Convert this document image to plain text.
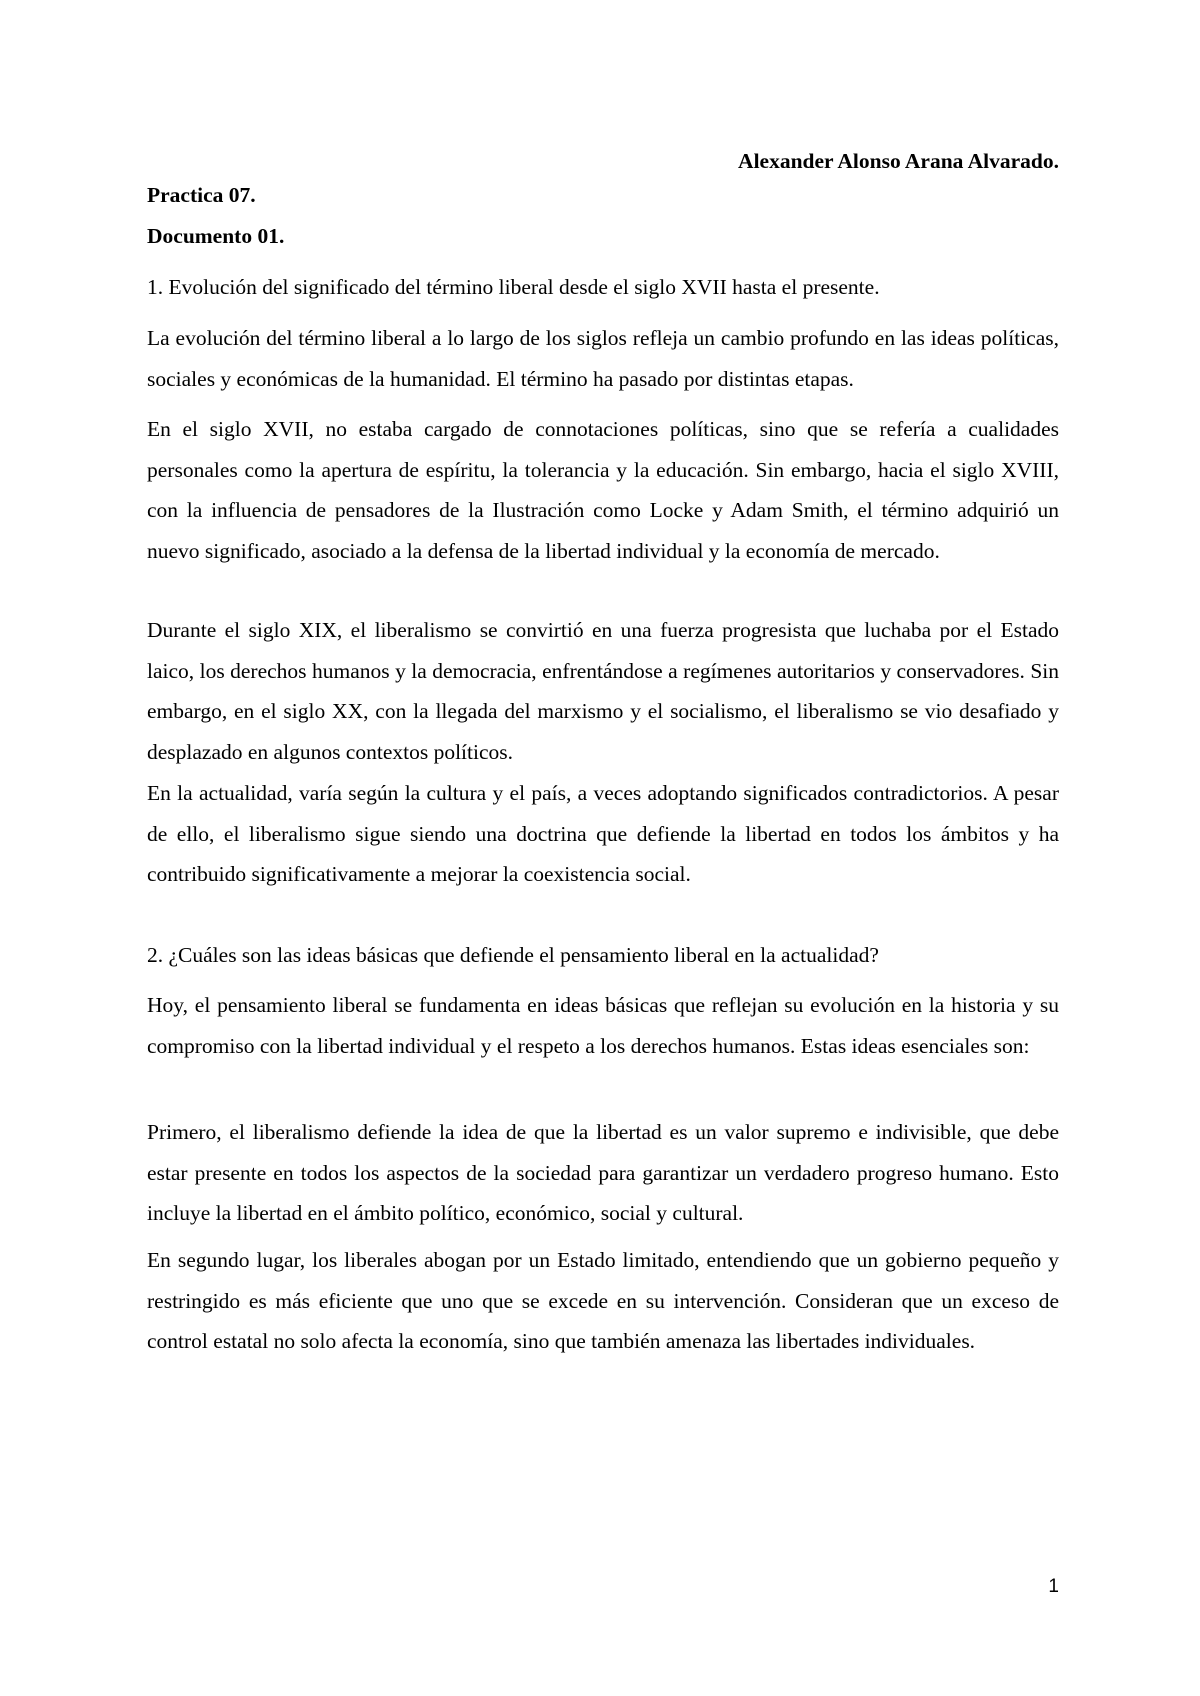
Alexander Alonso Arana Alvarado.
Practica 07.
Documento 01.
1. Evolución del significado del término liberal desde el siglo XVII hasta el presente.

La evolución del término liberal a lo largo de los siglos refleja un cambio profundo en las ideas políticas, sociales y económicas de la humanidad. El término ha pasado por distintas etapas.

En el siglo XVII, no estaba cargado de connotaciones políticas, sino que se refería a cualidades personales como la apertura de espíritu, la tolerancia y la educación. Sin embargo, hacia el siglo XVIII, con la influencia de pensadores de la Ilustración como Locke y Adam Smith, el término adquirió un nuevo significado, asociado a la defensa de la libertad individual y la economía de mercado.

Durante el siglo XIX, el liberalismo se convirtió en una fuerza progresista que luchaba por el Estado laico, los derechos humanos y la democracia, enfrentándose a regímenes autoritarios y conservadores. Sin embargo, en el siglo XX, con la llegada del marxismo y el socialismo, el liberalismo se vio desafiado y desplazado en algunos contextos políticos.

En la actualidad, varía según la cultura y el país, a veces adoptando significados contradictorios. A pesar de ello, el liberalismo sigue siendo una doctrina que defiende la libertad en todos los ámbitos y ha contribuido significativamente a mejorar la coexistencia social.

2. ¿Cuáles son las ideas básicas que defiende el pensamiento liberal en la actualidad?

Hoy, el pensamiento liberal se fundamenta en ideas básicas que reflejan su evolución en la historia y su compromiso con la libertad individual y el respeto a los derechos humanos. Estas ideas esenciales son:

Primero, el liberalismo defiende la idea de que la libertad es un valor supremo e indivisible, que debe estar presente en todos los aspectos de la sociedad para garantizar un verdadero progreso humano. Esto incluye la libertad en el ámbito político, económico, social y cultural.

En segundo lugar, los liberales abogan por un Estado limitado, entendiendo que un gobierno pequeño y restringido es más eficiente que uno que se excede en su intervención. Consideran que un exceso de control estatal no solo afecta la economía, sino que también amenaza las libertades individuales.

1
